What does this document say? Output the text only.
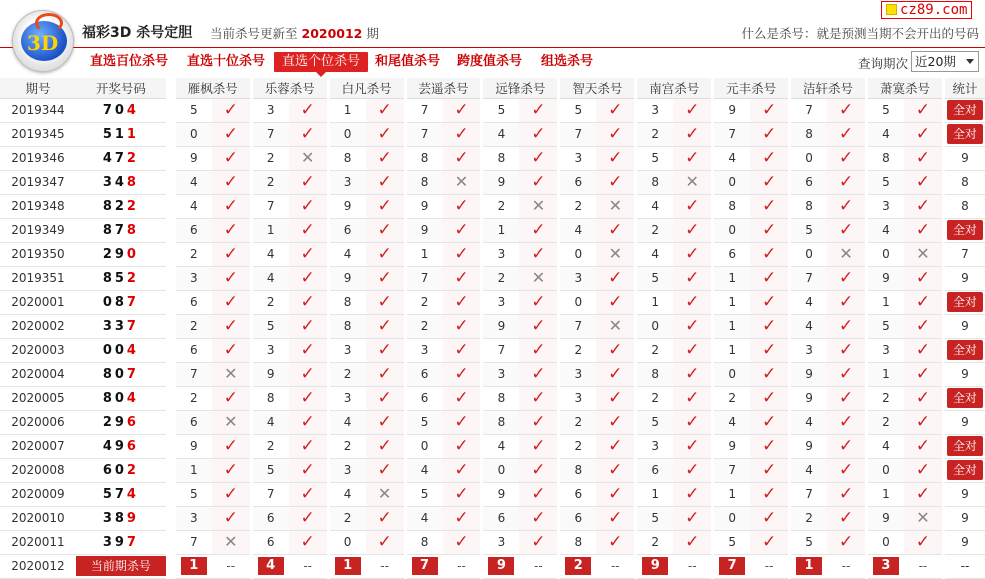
3D 福彩3D 杀号定胆 当前杀号更新至 2020012 期
cz89.com
什么是杀号：就是预测当期不会开出的号码
直选百位杀号 直选十位杀号	直选个位杀号	和尾值杀号 跨度值杀号 组选杀号	查询期次 近20期
期号	开奖号码		雁枫杀号			乐蓉杀号			白凡杀号			芸遥杀号			远锋杀号			智天杀号			南宫杀号			元丰杀号			洁轩杀号			萧寞杀号			统计
2019344	704		5	✓		3	✓		1	✓		7	✓		5	✓		5	✓		3	✓		9	✓		7	✓		5	✓		全对
2019345	511		0	✓		7	✓		0	✓		7	✓		4	✓		7	✓		2	✓		7	✓		8	✓		4	✓		全对
2019346	472		9	✓		2	✕		8	✓		8	✓		8	✓		3	✓		5	✓		4	✓		0	✓		8	✓		9
2019347	348		4	✓		2	✓		3	✓		8	✕		9	✓		6	✓		8	✕		0	✓		6	✓		5	✓		8
2019348	822		4	✓		7	✓		9	✓		9	✓		2	✕		2	✕		4	✓		8	✓		8	✓		3	✓		8
2019349	878		6	✓		1	✓		6	✓		9	✓		1	✓		4	✓		2	✓		0	✓		5	✓		4	✓		全对
2019350	290		2	✓		4	✓		4	✓		1	✓		3	✓		0	✕		4	✓		6	✓		0	✕		0	✕		7
2019351	852		3	✓		4	✓		9	✓		7	✓		2	✕		3	✓		5	✓		1	✓		7	✓		9	✓		9
2020001	087		6	✓		2	✓		8	✓		2	✓		3	✓		0	✓		1	✓		1	✓		4	✓		1	✓		全对
2020002	337		2	✓		5	✓		8	✓		2	✓		9	✓		7	✕		0	✓		1	✓		4	✓		5	✓		9
2020003	004		6	✓		3	✓		3	✓		3	✓		7	✓		2	✓		2	✓		1	✓		3	✓		3	✓		全对
2020004	807		7	✕		9	✓		2	✓		6	✓		3	✓		3	✓		8	✓		0	✓		9	✓		1	✓		9
2020005	804		2	✓		8	✓		3	✓		6	✓		8	✓		3	✓		2	✓		2	✓		9	✓		2	✓		全对
2020006	296		6	✕		4	✓		4	✓		5	✓		8	✓		2	✓		5	✓		4	✓		4	✓		2	✓		9
2020007	496		9	✓		2	✓		2	✓		0	✓		4	✓		2	✓		3	✓		9	✓		9	✓		4	✓		全对
2020008	602		1	✓		5	✓		3	✓		4	✓		0	✓		8	✓		6	✓		7	✓		4	✓		0	✓		全对
2020009	574		5	✓		7	✓		4	✕		5	✓		9	✓		6	✓		1	✓		1	✓		7	✓		1	✓		9
2020010	389		3	✓		6	✓		2	✓		4	✓		6	✓		6	✓		5	✓		0	✓		2	✓		9	✕		9
2020011	397		7	✕		6	✓		0	✓		8	✓		3	✓		8	✓		2	✓		5	✓		5	✓		0	✓		9
2020012	当前期杀号		1	--		4	--		1	--		7	--		9	--		2	--		9	--		7	--		1	--		3	--		--
